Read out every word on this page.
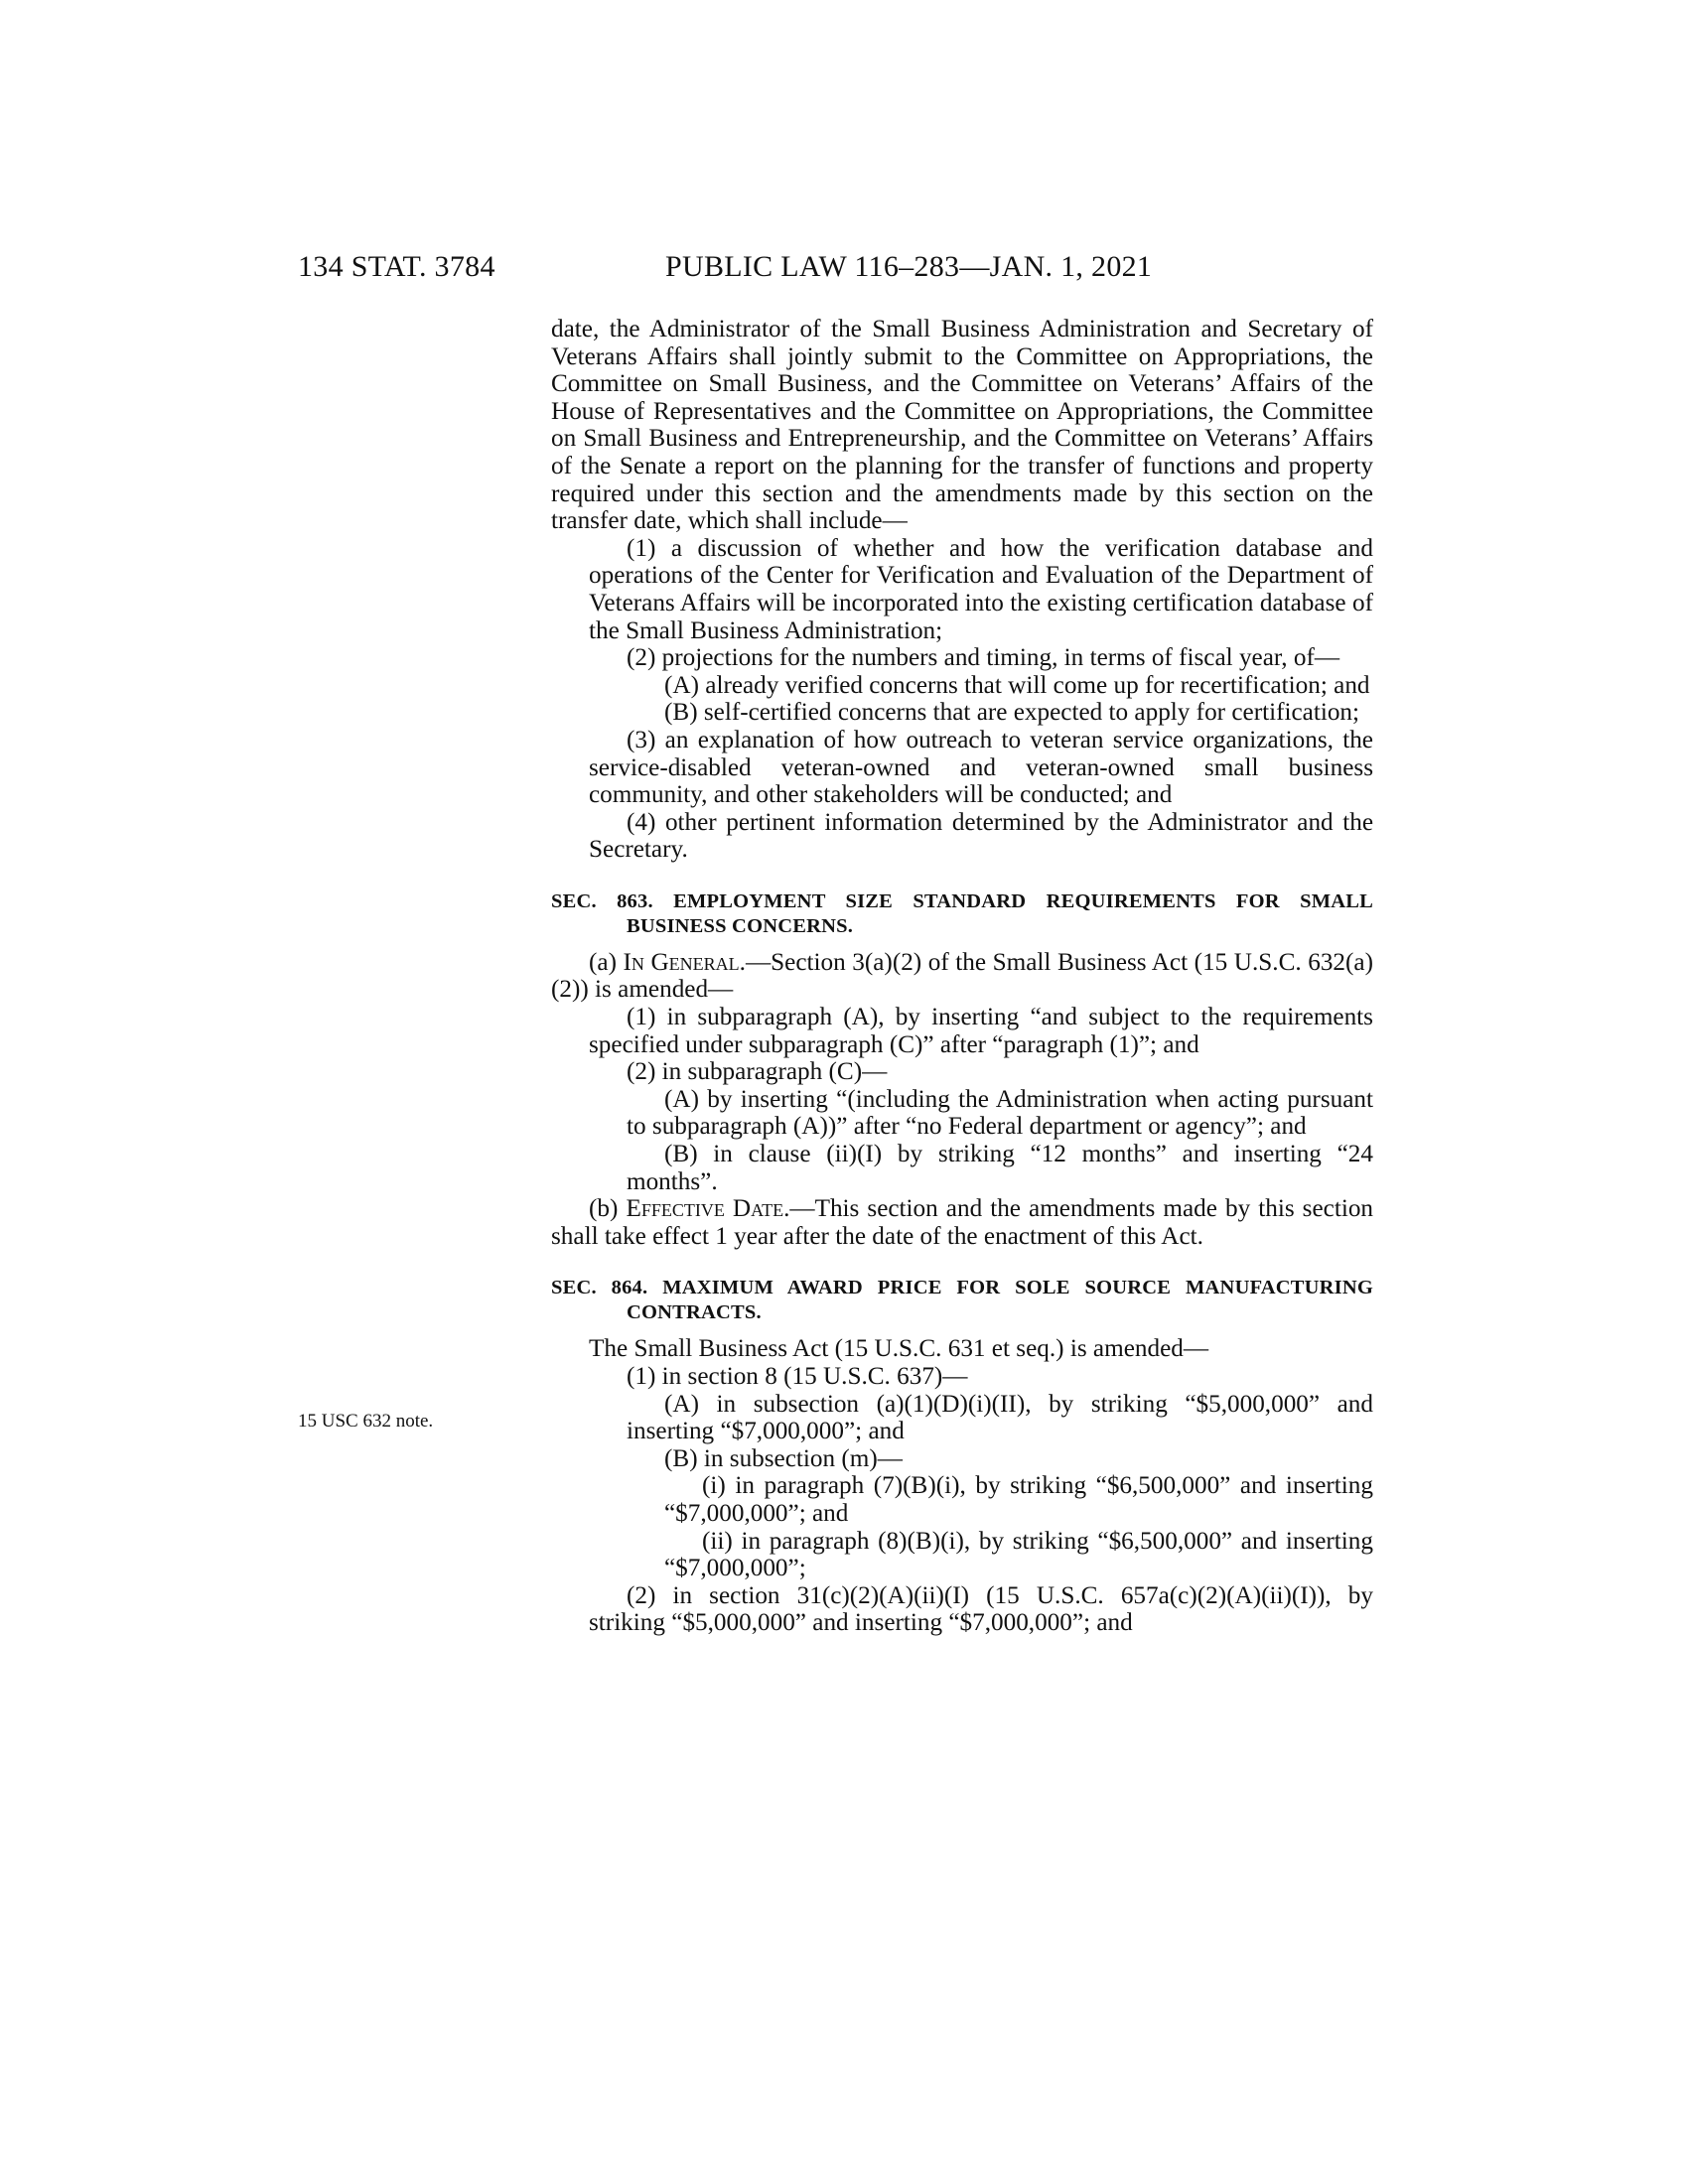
134 STAT. 3784	PUBLIC LAW 116–283—JAN. 1, 2021
15 USC 632 note.

date, the Administrator of the Small Business Administration and Secretary of Veterans Affairs shall jointly submit to the Committee on Appropriations, the Committee on Small Business, and the Committee on Veterans’ Affairs of the House of Representatives and the Committee on Appropriations, the Committee on Small Business and Entrepreneurship, and the Committee on Veterans’ Affairs of the Senate a report on the planning for the transfer of functions and property required under this section and the amendments made by this section on the transfer date, which shall include—

(1) a discussion of whether and how the verification database and operations of the Center for Verification and Evaluation of the Department of Veterans Affairs will be incorporated into the existing certification database of the Small Business Administration;

(2) projections for the numbers and timing, in terms of fiscal year, of—

(A) already verified concerns that will come up for recertification; and

(B) self-certified concerns that are expected to apply for certification;

(3) an explanation of how outreach to veteran service organizations, the service-disabled veteran-owned and veteran-owned small business community, and other stakeholders will be conducted; and

(4) other pertinent information determined by the Administrator and the Secretary.

SEC. 863. EMPLOYMENT SIZE STANDARD REQUIREMENTS FOR SMALL BUSINESS CONCERNS.

(a) In General.—Section 3(a)(2) of the Small Business Act (15 U.S.C. 632(a)(2)) is amended—

(1) in subparagraph (A), by inserting “and subject to the requirements specified under subparagraph (C)” after “paragraph (1)”; and

(2) in subparagraph (C)—

(A) by inserting “(including the Administration when acting pursuant to subparagraph (A))” after “no Federal department or agency”; and

(B) in clause (ii)(I) by striking “12 months” and inserting “24 months”.

(b) Effective Date.—This section and the amendments made by this section shall take effect 1 year after the date of the enactment of this Act.

SEC. 864. MAXIMUM AWARD PRICE FOR SOLE SOURCE MANUFACTURING CONTRACTS.

The Small Business Act (15 U.S.C. 631 et seq.) is amended—

(1) in section 8 (15 U.S.C. 637)—

(A) in subsection (a)(1)(D)(i)(II), by striking “$5,000,000” and inserting “$7,000,000”; and

(B) in subsection (m)—

(i) in paragraph (7)(B)(i), by striking “$6,500,000” and inserting “$7,000,000”; and

(ii) in paragraph (8)(B)(i), by striking “$6,500,000” and inserting “$7,000,000”;

(2) in section 31(c)(2)(A)(ii)(I) (15 U.S.C. 657a(c)(2)(A)(ii)(I)), by striking “$5,000,000” and inserting “$7,000,000”; and
